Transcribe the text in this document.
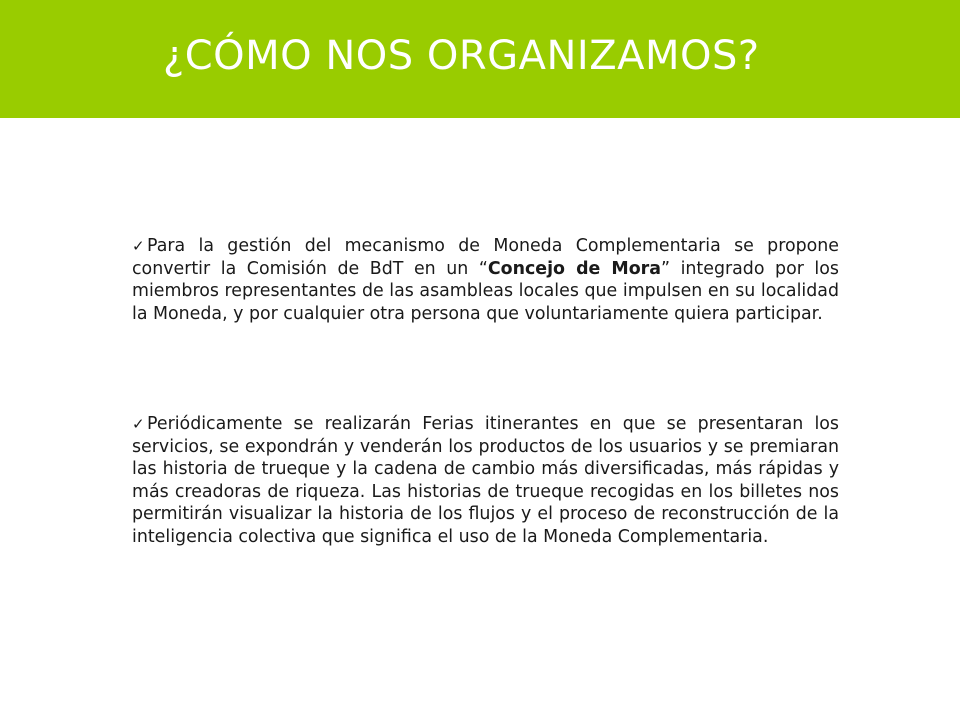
¿CÓMO NOS ORGANIZAMOS?

✓ Para la gestión del mecanismo de Moneda Complementaria se propone convertir la Comisión de BdT en un “Concejo de Mora” integrado por los miembros representantes de las asambleas locales que impulsen en su localidad la Moneda, y por cualquier otra persona que voluntariamente quiera participar.

✓ Periódicamente se realizarán Ferias itinerantes en que se presentaran los servicios, se expondrán y venderán los productos de los usuarios y se premiaran las historia de trueque y la cadena de cambio más diversificadas, más rápidas y más creadoras de riqueza. Las historias de trueque recogidas en los billetes nos permitirán visualizar la historia de los flujos y el proceso de reconstrucción de la inteligencia colectiva que significa el uso de la Moneda Complementaria.
